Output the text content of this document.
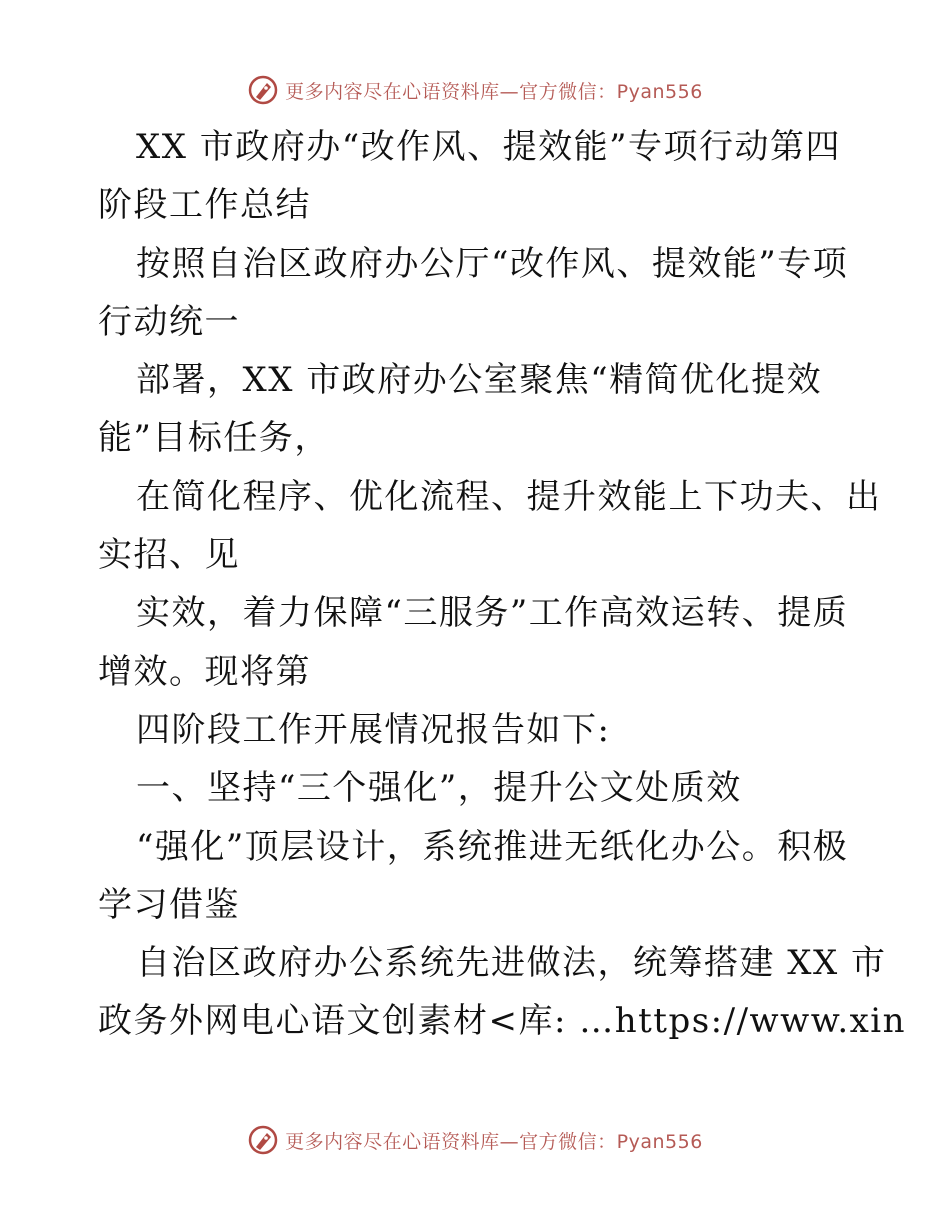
更多内容尽在心语资料库—官方微信：Pyan556
XX 市政府办“改作风、提效能”专项行动第四
阶段工作总结
按照自治区政府办公厅“改作风、提效能”专项
行动统一
部署，XX 市政府办公室聚焦“精简优化提效
能”目标任务，
在简化程序、优化流程、提升效能上下功夫、出
实招、见
实效，着力保障“三服务”工作高效运转、提质
增效。现将第
四阶段工作开展情况报告如下:
一、坚持“三个强化”，提升公文处质效
“强化”顶层设计，系统推进无纸化办公。积极
学习借鉴
自治区政府办公系统先进做法，统筹搭建 XX 市
政务外网电心语文创素材<库: …https://www.xin
更多内容尽在心语资料库—官方微信：Pyan556
